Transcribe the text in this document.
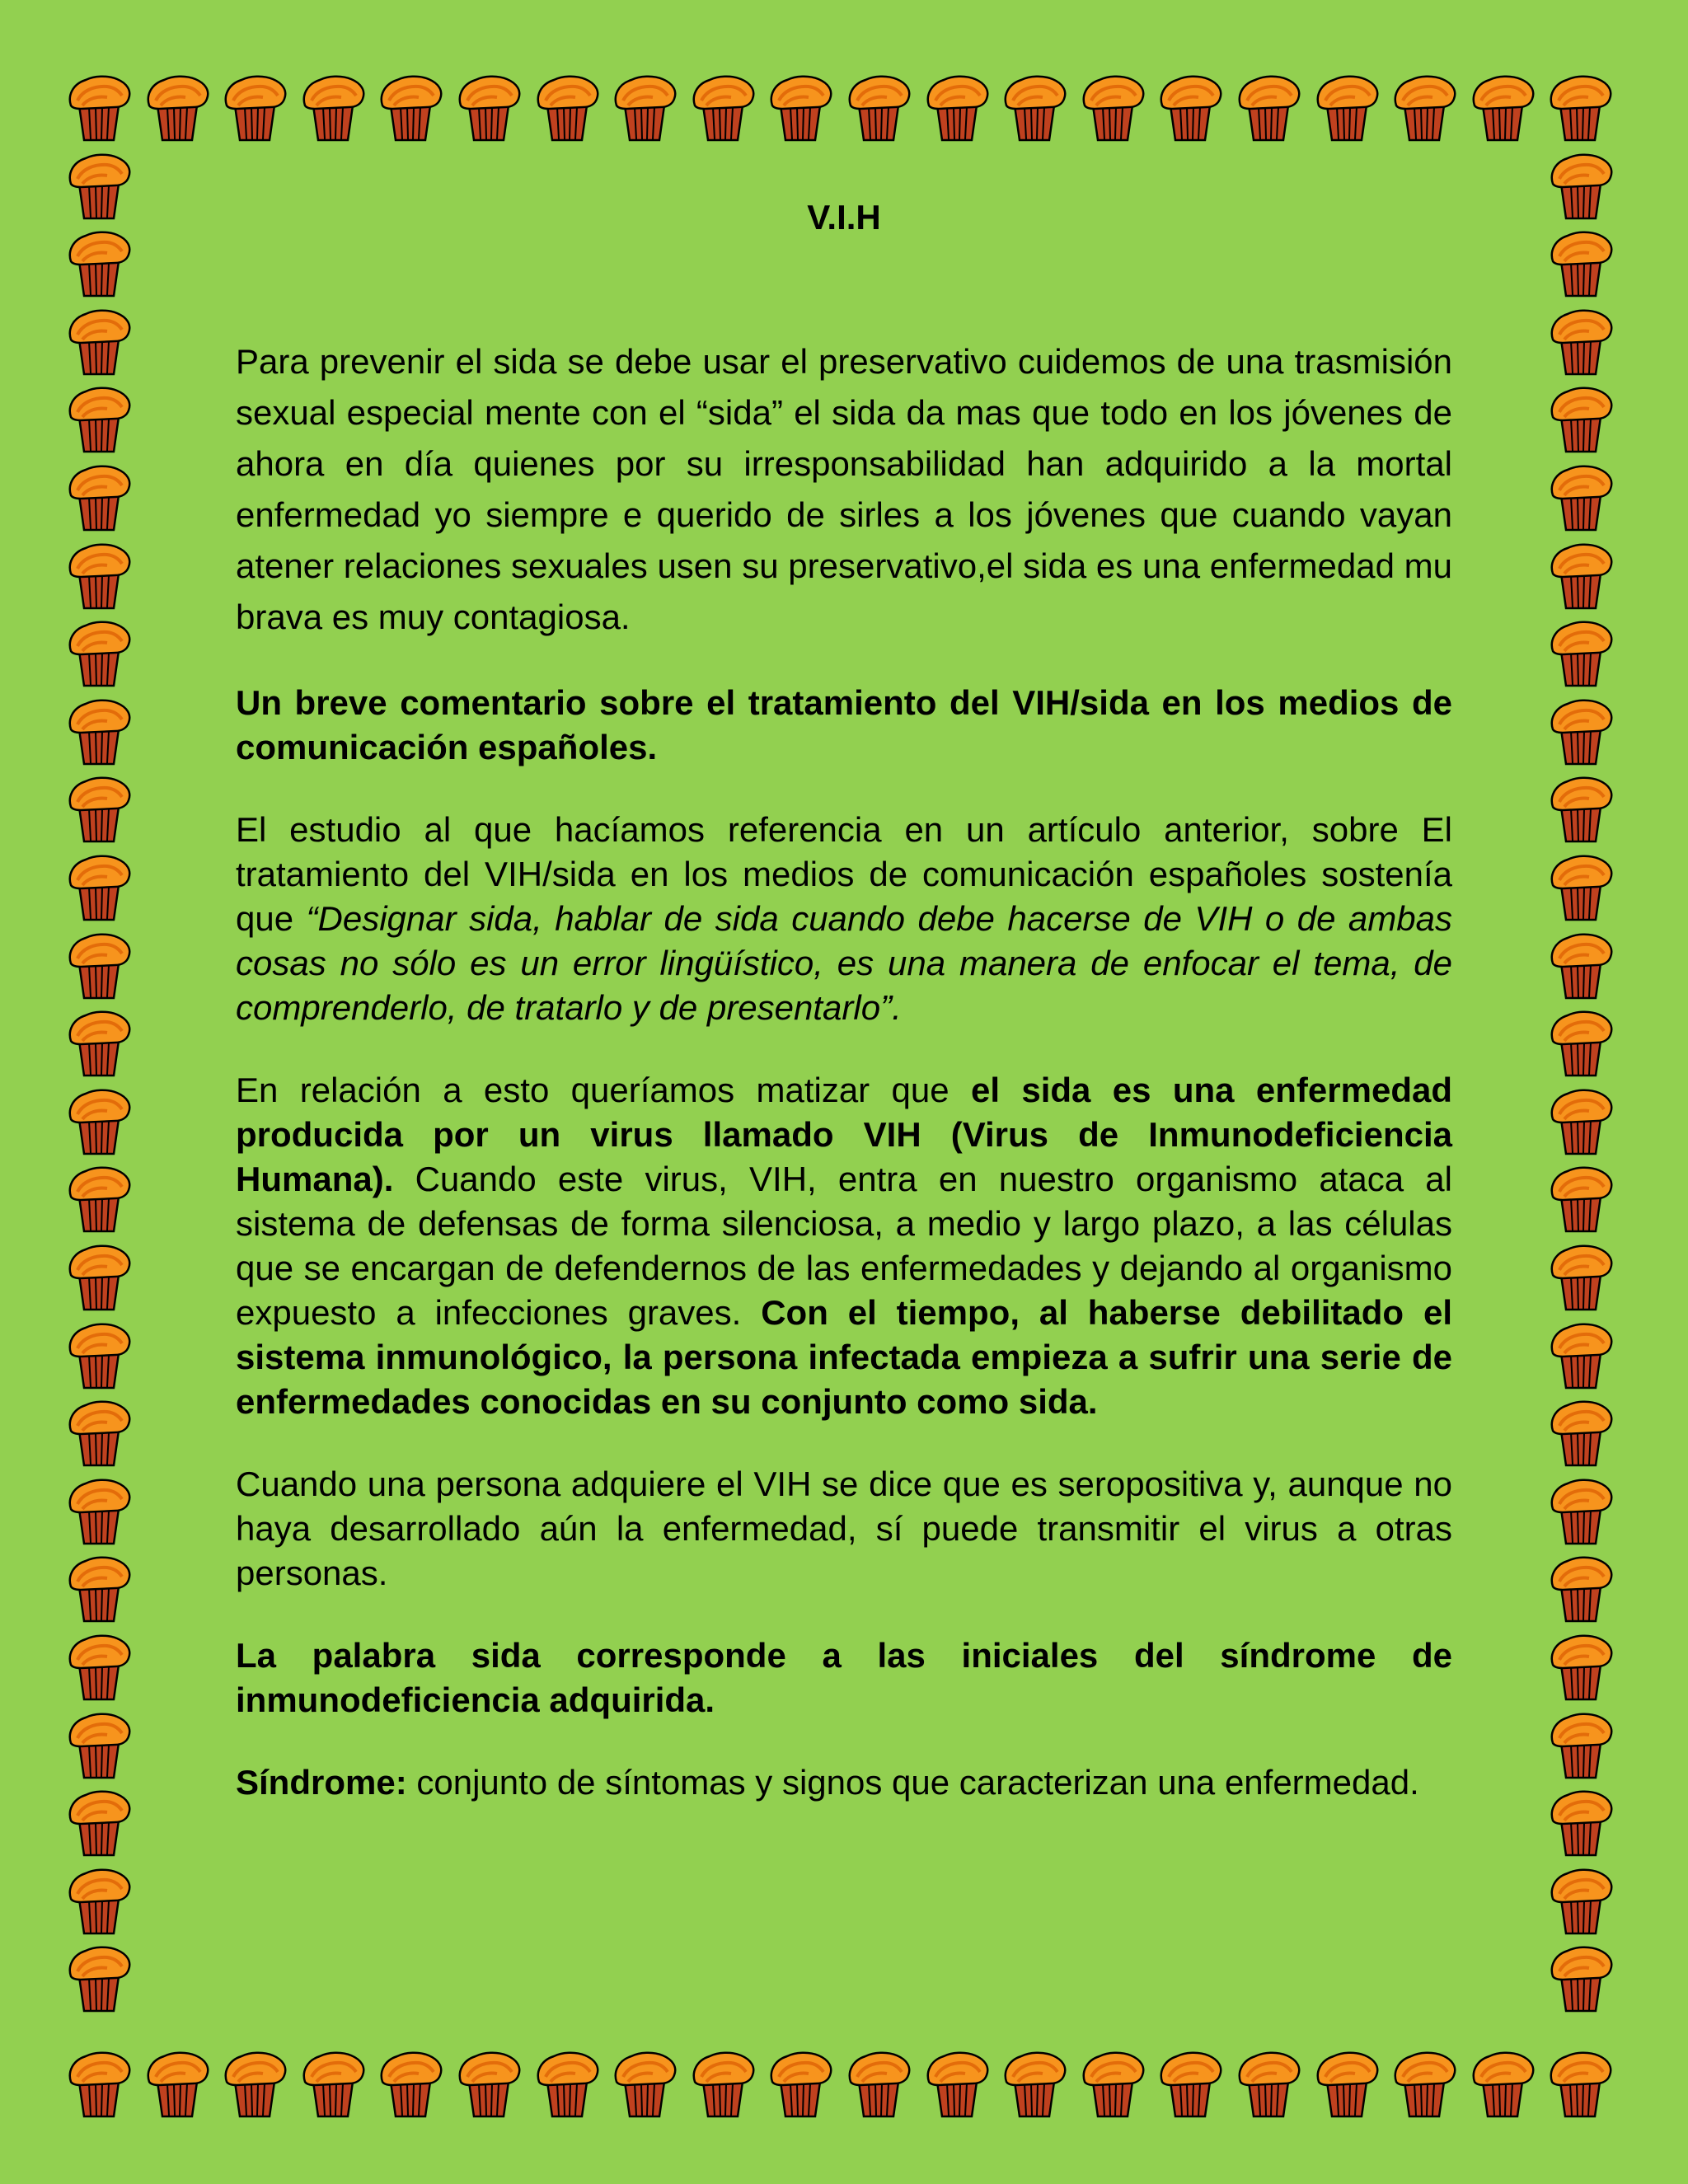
V.I.H

Para prevenir el sida se debe usar el preservativo cuidemos de una trasmisión sexual especial mente con el “sida” el sida da mas que todo en los jóvenes de ahora en día quienes por su irresponsabilidad han adquirido a la mortal enfermedad yo siempre e querido de sirles a los jóvenes que cuando vayan atener relaciones sexuales usen su preservativo,el sida es una enfermedad mu brava es muy contagiosa.

Un breve comentario sobre el tratamiento del VIH/sida en los medios de comunicación españoles.

El estudio al que hacíamos referencia en un artículo anterior, sobre El tratamiento del VIH/sida en los medios de comunicación españoles sostenía que “Designar sida, hablar de sida cuando debe hacerse de VIH o de ambas cosas no sólo es un error lingüístico, es una manera de enfocar el tema, de comprenderlo, de tratarlo y de presentarlo”.

En relación a esto queríamos matizar que el sida es una enfermedad producida por un virus llamado VIH (Virus de Inmunodeficiencia Humana). Cuando este virus, VIH, entra en nuestro organismo ataca al sistema de defensas de forma silenciosa, a medio y largo plazo, a las células que se encargan de defendernos de las enfermedades y dejando al organismo expuesto a infecciones graves. Con el tiempo, al haberse debilitado el sistema inmunológico, la persona infectada empieza a sufrir una serie de enfermedades conocidas en su conjunto como sida.

Cuando una persona adquiere el VIH se dice que es seropositiva y, aunque no haya desarrollado aún la enfermedad, sí puede transmitir el virus a otras personas.

La palabra sida corresponde a las iniciales del síndrome de inmunodeficiencia adquirida.

Síndrome: conjunto de síntomas y signos que caracterizan una enfermedad.
